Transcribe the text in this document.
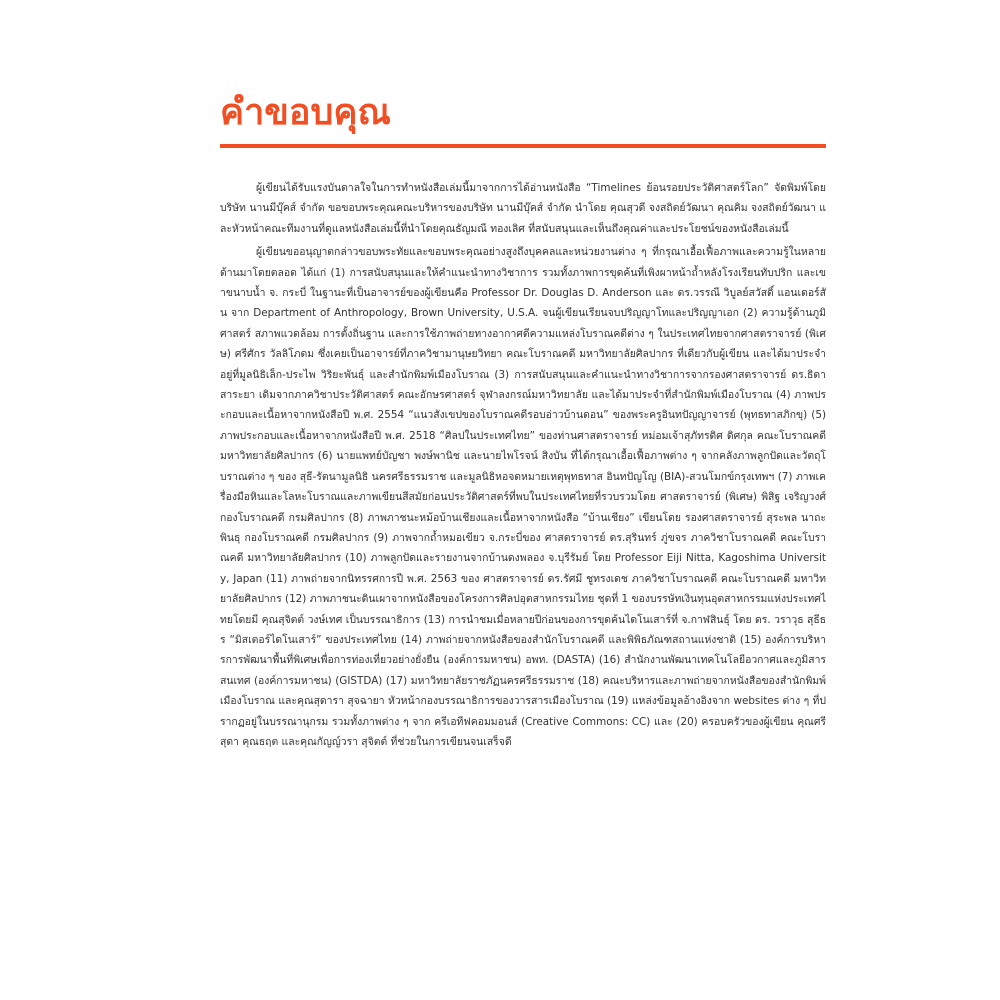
คำขอบคุณ

ผู้เขียนได้รับแรงบันดาลใจในการทำหนังสือเล่มนี้มาจากการได้อ่านหนังสือ “Timelines ย้อนรอยประวัติศาสตร์โลก” จัดพิมพ์โดยบริษัท นานมีบุ๊คส์ จำกัด ขอขอบพระคุณคณะบริหารของบริษัท นานมีบุ๊คส์ จำกัด นำโดย คุณสุวดี จงสถิตย์วัฒนา คุณคิม จงสถิตย์วัฒนา และหัวหน้าคณะทีมงานที่ดูแลหนังสือเล่มนี้ที่นำโดยคุณธัญมณี ทองเลิศ ที่สนับสนุนและเห็นถึงคุณค่าและประโยชน์ของหนังสือเล่มนี้

ผู้เขียนขออนุญาตกล่าวขอบพระทัยและขอบพระคุณอย่างสูงถึงบุคคลและหน่วยงานต่าง ๆ ที่กรุณาเอื้อเฟื้อภาพและความรู้ในหลายด้านมาโดยตลอด ได้แก่ (1) การสนับสนุนและให้คำแนะนำทางวิชาการ รวมทั้งภาพการขุดค้นที่เพิงผาหน้าถ้ำหลังโรงเรียนทับปริก และเขาขนาบน้ำ จ. กระบี่ ในฐานะที่เป็นอาจารย์ของผู้เขียนคือ Professor Dr. Douglas D. Anderson และ ดร.วรรณี วิบูลย์สวัสดิ์ แอนเดอร์สัน จาก Department of Anthropology, Brown University, U.S.A. จนผู้เขียนเรียนจบปริญญาโทและปริญญาเอก (2) ความรู้ด้านภูมิศาสตร์ สภาพแวดล้อม การตั้งถิ่นฐาน และการใช้ภาพถ่ายทางอากาศดีความแหล่งโบราณคดีต่าง ๆ ในประเทศไทยจากศาสตราจารย์ (พิเศษ) ศรีศักร วัลลิโภดม ซึ่งเคยเป็นอาจารย์ที่ภาควิชามานุษยวิทยา คณะโบราณคดี มหาวิทยาลัยศิลปากร ที่เดียวกับผู้เขียน และได้มาประจำอยู่ที่มูลนิธิเล็ก-ประไพ วิริยะพันธุ์ และสำนักพิมพ์เมืองโบราณ (3) การสนับสนุนและคำแนะนำทางวิชาการจากรองศาสตราจารย์ ดร.ธิดา สาระยา เดิมจากภาควิชาประวัติศาสตร์ คณะอักษรศาสตร์ จุฬาลงกรณ์มหาวิทยาลัย และได้มาประจำที่สำนักพิมพ์เมืองโบราณ (4) ภาพประกอบและเนื้อหาจากหนังสือปี พ.ศ. 2554 “แนวสังเขปของโบราณคดีรอบอ่าวบ้านดอน” ของพระครูอินทปัญญาจารย์ (พุทธทาสภิกขุ) (5) ภาพประกอบและเนื้อหาจากหนังสือปี พ.ศ. 2518 “ศิลปในประเทศไทย” ของท่านศาสตราจารย์ หม่อมเจ้าสุภัทรดิศ ดิศกุล คณะโบราณคดี มหาวิทยาลัยศิลปากร (6) นายแพทย์บัญชา พงษ์พานิช และนายไพโรจน์ สิงบัน ที่ได้กรุณาเอื้อเฟื้อภาพต่าง ๆ จากคลังภาพลูกปัดและวัตถุโบราณต่าง ๆ ของ สุธี-รัตนามูลนิธิ นครศรีธรรมราช และมูลนิธิหอจดหมายเหตุพุทธทาส อินทปัญโญ (BIA)-สวนโมกข์กรุงเทพฯ (7) ภาพเครื่องมือหินและโลหะโบราณและภาพเขียนสีสมัยก่อนประวัติศาสตร์ที่พบในประเทศไทยที่รวบรวมโดย ศาสตราจารย์ (พิเศษ) พิสิฐ เจริญวงศ์ กองโบราณคดี กรมศิลปากร (8) ภาพภาชนะหม้อบ้านเชียงและเนื้อหาจากหนังสือ “บ้านเชียง” เขียนโดย รองศาสตราจารย์ สุระพล นาถะพินธุ กองโบราณคดี กรมศิลปากร (9) ภาพจากถ้ำหมอเขียว จ.กระบี่ของ ศาสตราจารย์ ดร.สุรินทร์ ภู่ขจร ภาควิชาโบราณคดี คณะโบราณคดี มหาวิทยาลัยศิลปากร (10) ภาพลูกปัดและรายงานจากบ้านดงพลอง จ.บุรีรัมย์ โดย Professor Eiji Nitta, Kagoshima University, Japan (11) ภาพถ่ายจากนิทรรศการปี พ.ศ. 2563 ของ ศาสตราจารย์ ดร.รัศมี ชูทรงเดช ภาควิชาโบราณคดี คณะโบราณคดี มหาวิทยาลัยศิลปากร (12) ภาพภาชนะดินเผาจากหนังสือของโครงการศิลปอุตสาหกรรมไทย ชุดที่ 1 ของบรรษัทเงินทุนอุตสาหกรรมแห่งประเทศไทยโดยมี คุณสุจิตต์ วงษ์เทศ เป็นบรรณาธิการ (13) การนำชมเมื่อหลายปีก่อนของการขุดค้นไดโนเสาร์ที่ จ.กาฬสินธุ์ โดย ดร. วราวุธ สุธีธร “มิสเตอร์ไดโนเสาร์” ของประเทศไทย (14) ภาพถ่ายจากหนังสือของสำนักโบราณคดี และพิพิธภัณฑสถานแห่งชาติ (15) องค์การบริหารการพัฒนาพื้นที่พิเศษเพื่อการท่องเที่ยวอย่างยั่งยืน (องค์การมหาชน) อพท. (DASTA) (16) สำนักงานพัฒนาเทคโนโลยีอวกาศและภูมิสารสนเทศ (องค์การมหาชน) (GISTDA) (17) มหาวิทยาลัยราชภัฏนครศรีธรรมราช (18) คณะบริหารและภาพถ่ายจากหนังสือของสำนักพิมพ์เมืองโบราณ และคุณสุดารา สุจฉายา หัวหน้ากองบรรณาธิการของวารสารเมืองโบราณ (19) แหล่งข้อมูลอ้างอิงจาก websites ต่าง ๆ ที่ปรากฏอยู่ในบรรณานุกรม รวมทั้งภาพต่าง ๆ จาก ครีเอทีฟคอมมอนส์ (Creative Commons: CC) และ (20) ครอบครัวของผู้เขียน คุณศรีสุดา คุณธฤต และคุณกัญญ์วรา สุจิตต์ ที่ช่วยในการเขียนจนเสร็จดี
